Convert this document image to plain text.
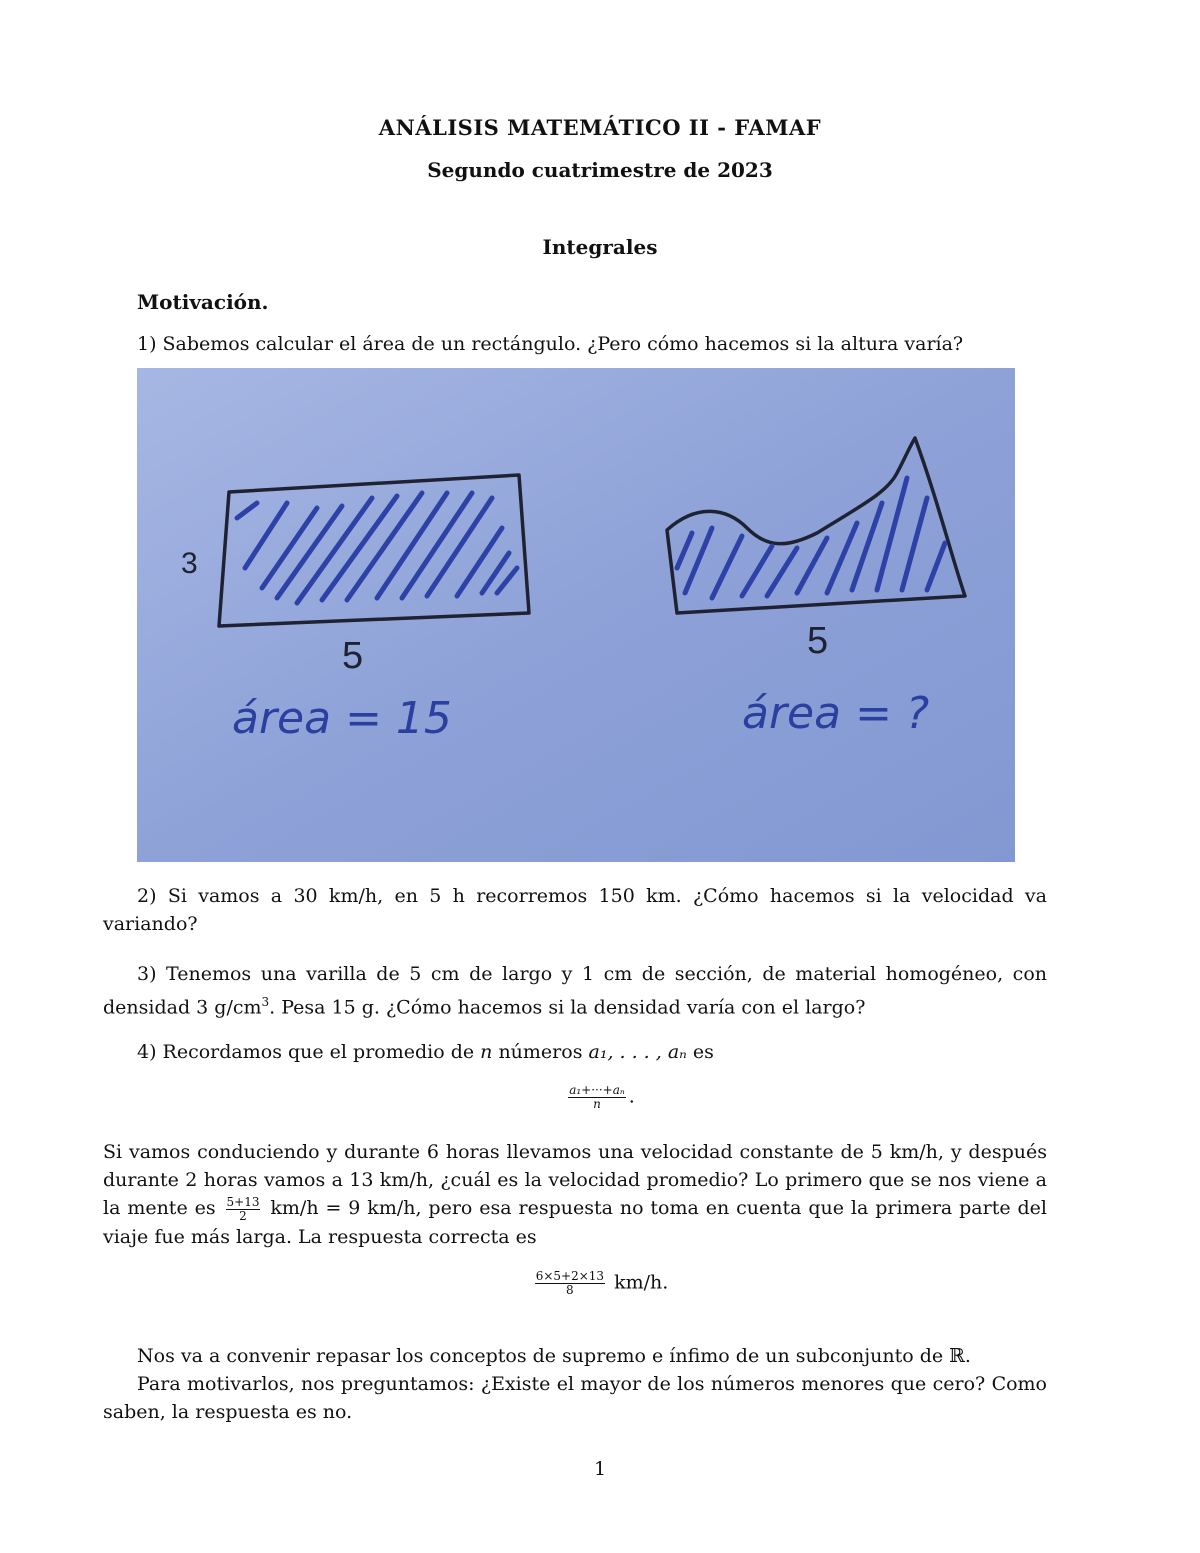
ANÁLISIS MATEMÁTICO II - FAMAF
Segundo cuatrimestre de 2023
Integrales
Motivación.
1) Sabemos calcular el área de un rectángulo. ¿Pero cómo hacemos si la altura varía?
3
5
área = 15
5
área = ?
2) Si vamos a 30 km/h, en 5 h recorremos 150 km. ¿Cómo hacemos si la velocidad va variando?
3) Tenemos una varilla de 5 cm de largo y 1 cm de sección, de material homogéneo, con densidad 3 $g/cm^3$. Pesa 15 g. ¿Cómo hacemos si la densidad varía con el largo?
4) Recordamos que el promedio de n números a₁, . . . , aₙ es
$\frac{\text{a₁+···+aₙ}}{n}$ .
Si vamos conduciendo y durante 6 horas llevamos una velocidad constante de 5 km/h, y después durante 2 horas vamos a 13 km/h, ¿cuál es la velocidad promedio? Lo primero que se nos viene a la mente es $\frac{5+13}{2} km/h = 9$ km/h, pero esa respuesta no toma en cuenta que la primera parte del viaje fue más larga. La respuesta correcta es
$\frac{6\times 5+2\times 13}{8} km/h$.
Nos va a convenir repasar los conceptos de supremo e ínfimo de un subconjunto de ℝ.
Para motivarlos, nos preguntamos: ¿Existe el mayor de los números menores que cero? Como saben, la respuesta es no.
1
